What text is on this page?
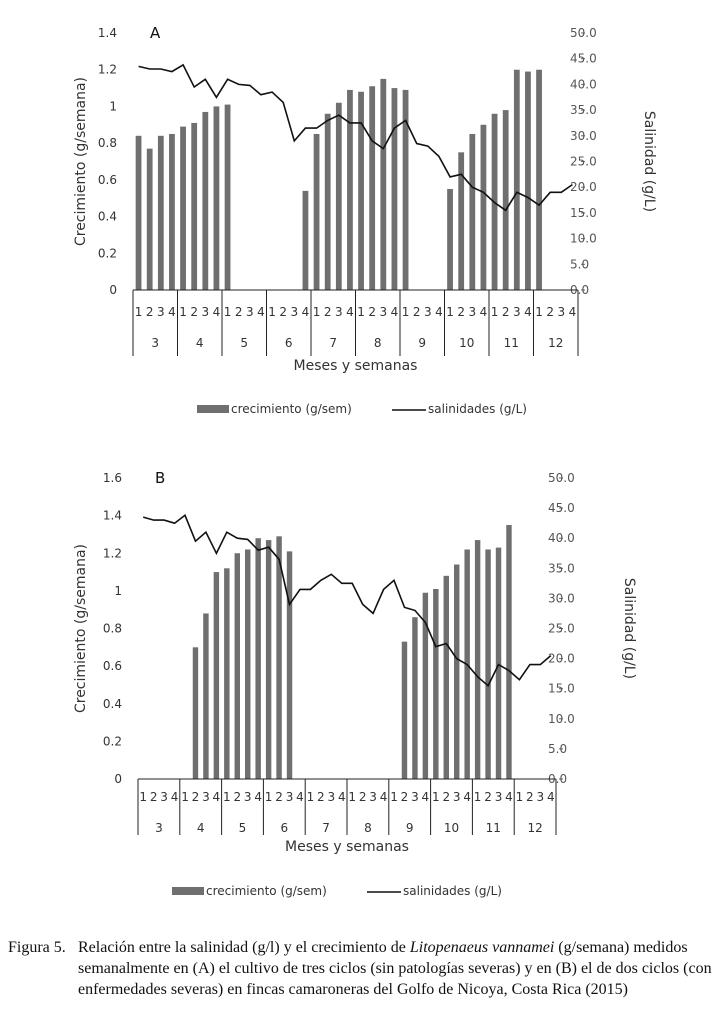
A
0
0.2
0.4
0.6
0.8
1
1.2
1.4
0.0
5.0
10.0
15.0
20.0
25.0
30.0
35.0
40.0
45.0
50.0
Crecimiento (g/semana)	Salinidad (g/L)
1 2 3 4 1 2 3 4 1 2 3 4 1 2 3 4 1 2 3 4 1 2 3 4 1 2 3 4 1 2 3 4 1 2 3 4 1 2 3 4
3	4	5	6	7	8	9	10 11 12
Meses y semanas
crecimiento (g/sem)	salinidades (g/L)
B
0
0.2
0.4
0.6
0.8
1
1.2
1.4
1.6
0.0
5.0
10.0
15.0
20.0
25.0
30.0
35.0
40.0
45.0
50.0
Crecimiento (g/semana)	Salinidad (g/L)
1 2 3 4 1 2 3 4 1 2 3 4 1 2 3 4 1 2 3 4 1 2 3 4 1 2 3 4 1 2 3 4 1 2 3 4 1 2 3 4
3	4	5	6	7	8	9	10 11 12
Meses y semanas
crecimiento (g/sem)	salinidades (g/L)
Figura 5. Relación entre la salinidad (g/l) y el crecimiento de Litopenaeus vannamei (g/semana) medidos semanalmente en (A) el cultivo de tres ciclos (sin patologías severas) y en (B) el de dos ciclos (con enfermedades severas) en fincas camaroneras del Golfo de Nicoya, Costa Rica (2015)
